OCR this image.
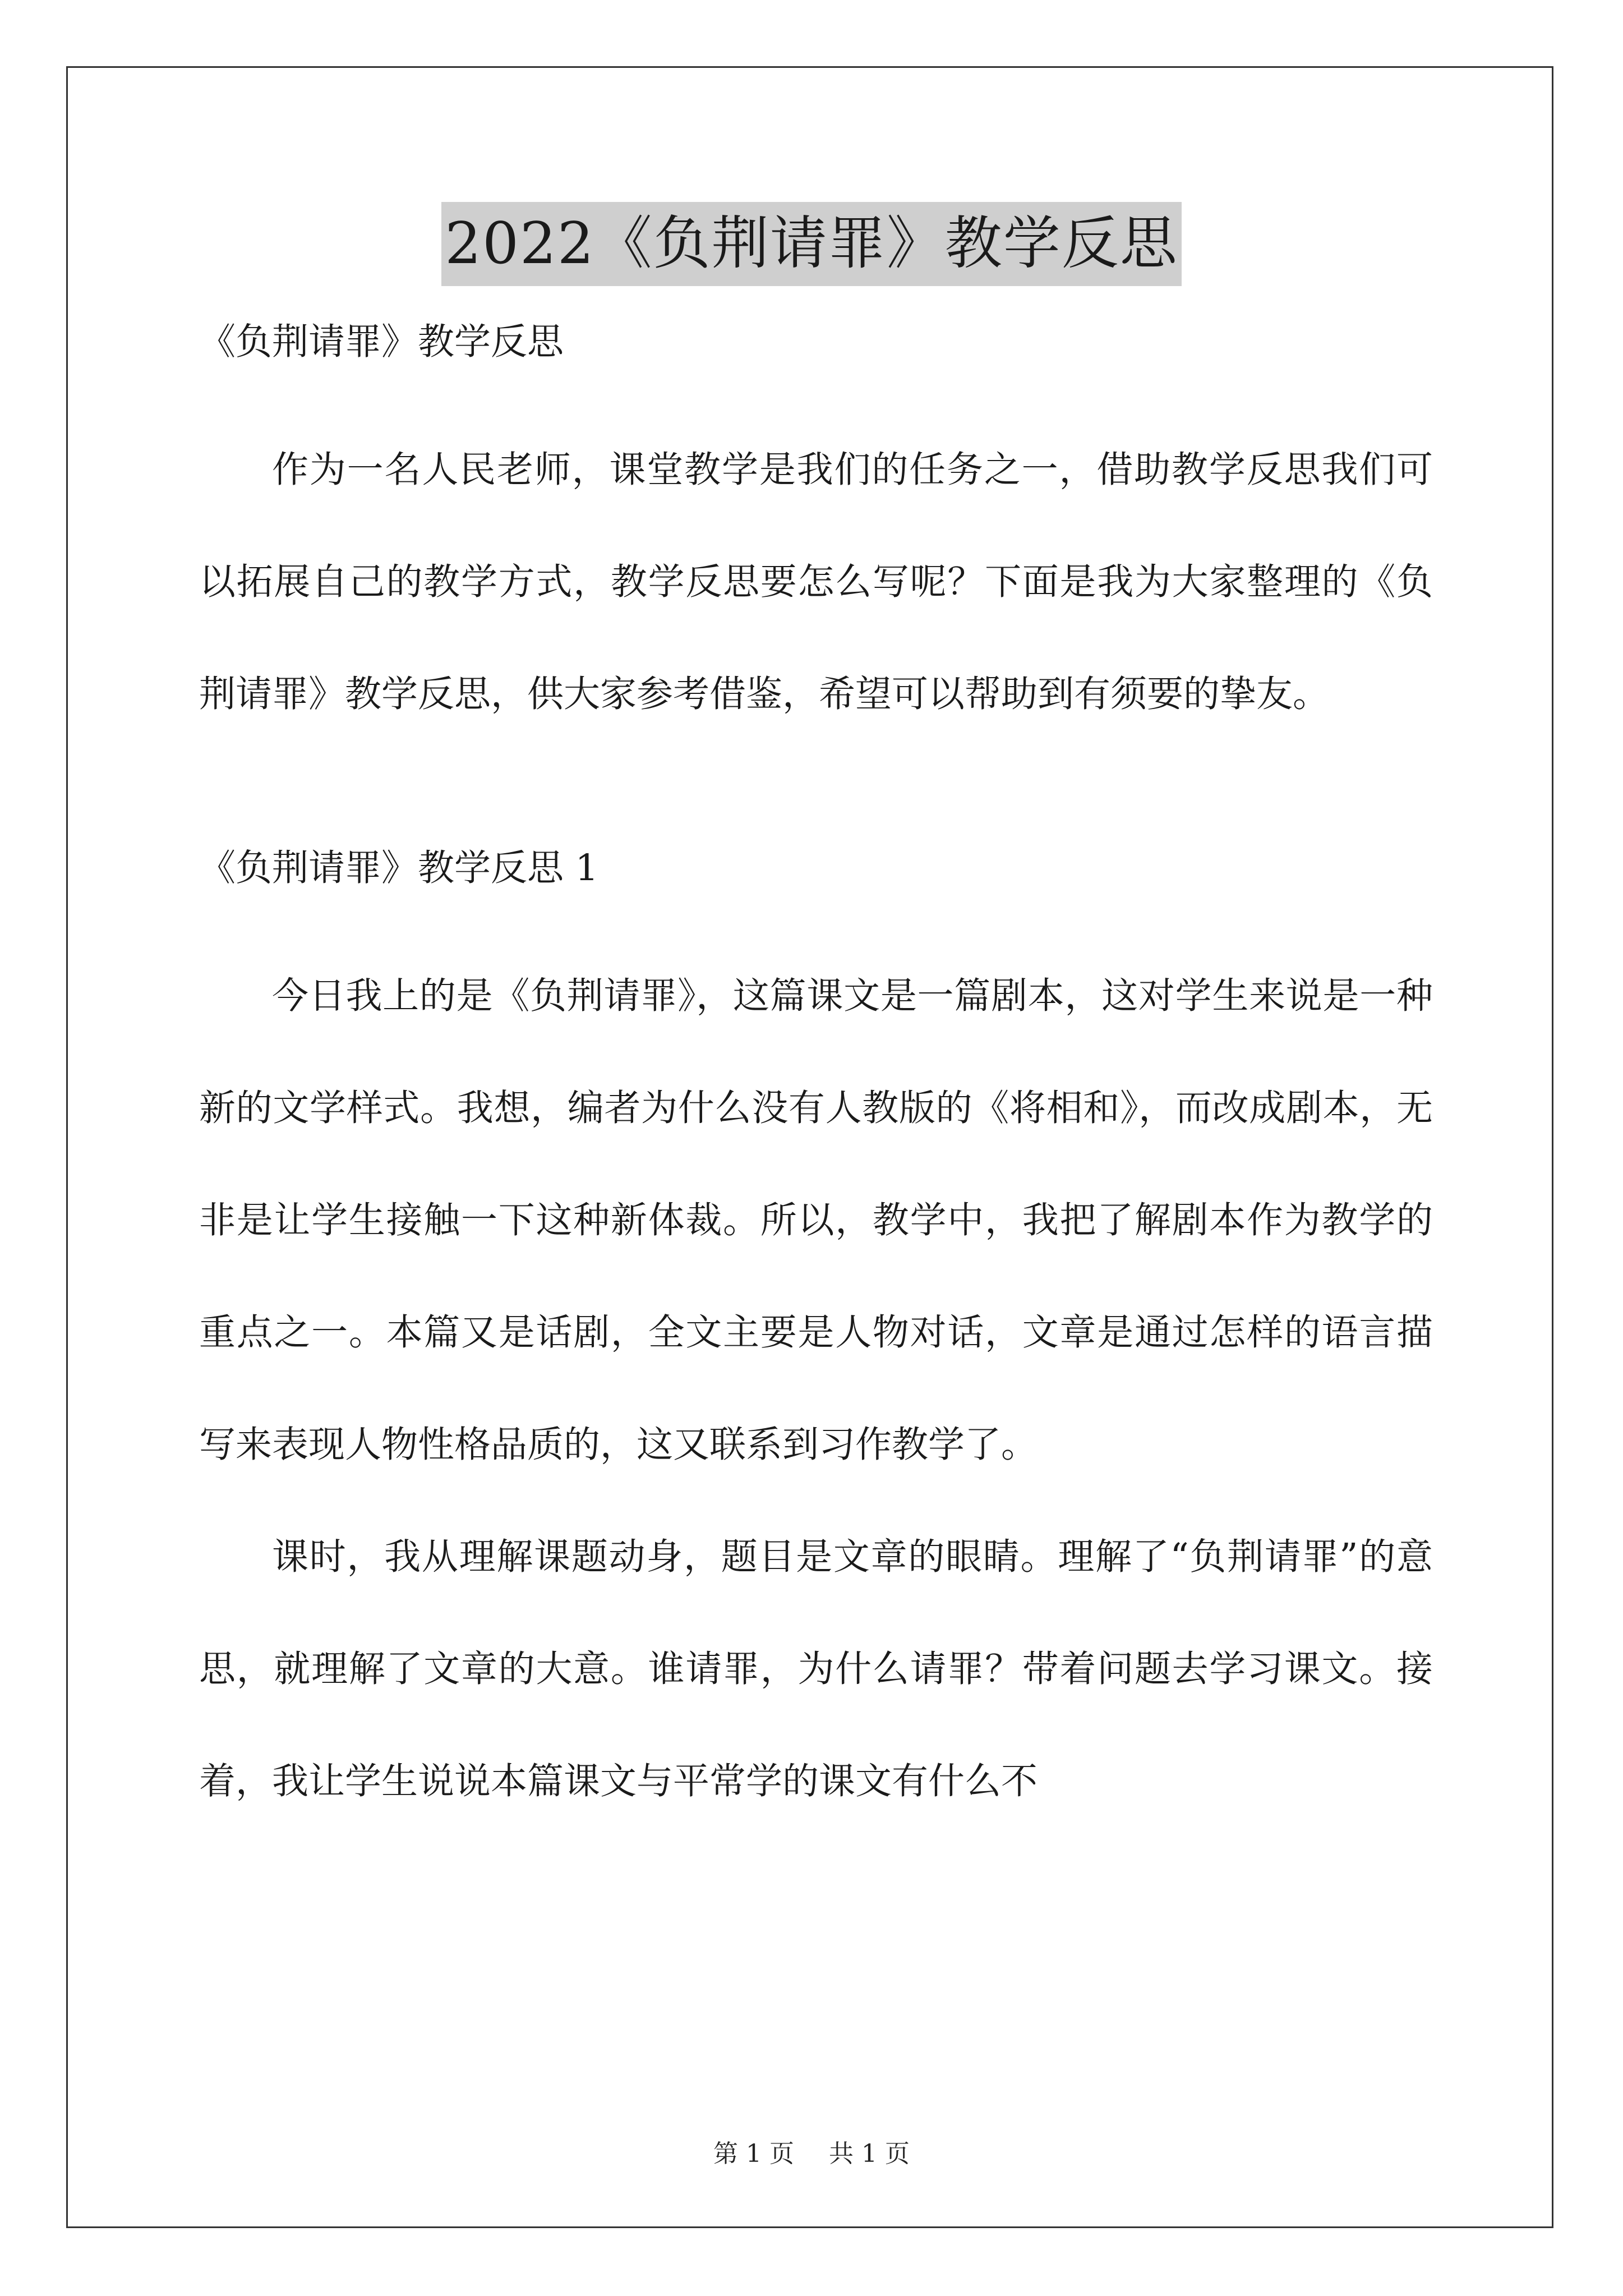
2022《负荆请罪》教学反思

《负荆请罪》教学反思

作为一名人民老师，课堂教学是我们的任务之一，借助教学反思我们可以拓展自己的教学方式，教学反思要怎么写呢？下面是我为大家整理的《负荆请罪》教学反思，供大家参考借鉴，希望可以帮助到有须要的挚友。

《负荆请罪》教学反思 1

今日我上的是《负荆请罪》，这篇课文是一篇剧本，这对学生来说是一种新的文学样式。我想，编者为什么没有人教版的《将相和》，而改成剧本，无非是让学生接触一下这种新体裁。所以，教学中，我把了解剧本作为教学的重点之一。本篇又是话剧，全文主要是人物对话，文章是通过怎样的语言描写来表现人物性格品质的，这又联系到习作教学了。

课时，我从理解课题动身，题目是文章的眼睛。理解了“负荆请罪”的意思，就理解了文章的大意。谁请罪，为什么请罪？带着问题去学习课文。接着，我让学生说说本篇课文与平常学的课文有什么不

第 1 页 共 1 页
